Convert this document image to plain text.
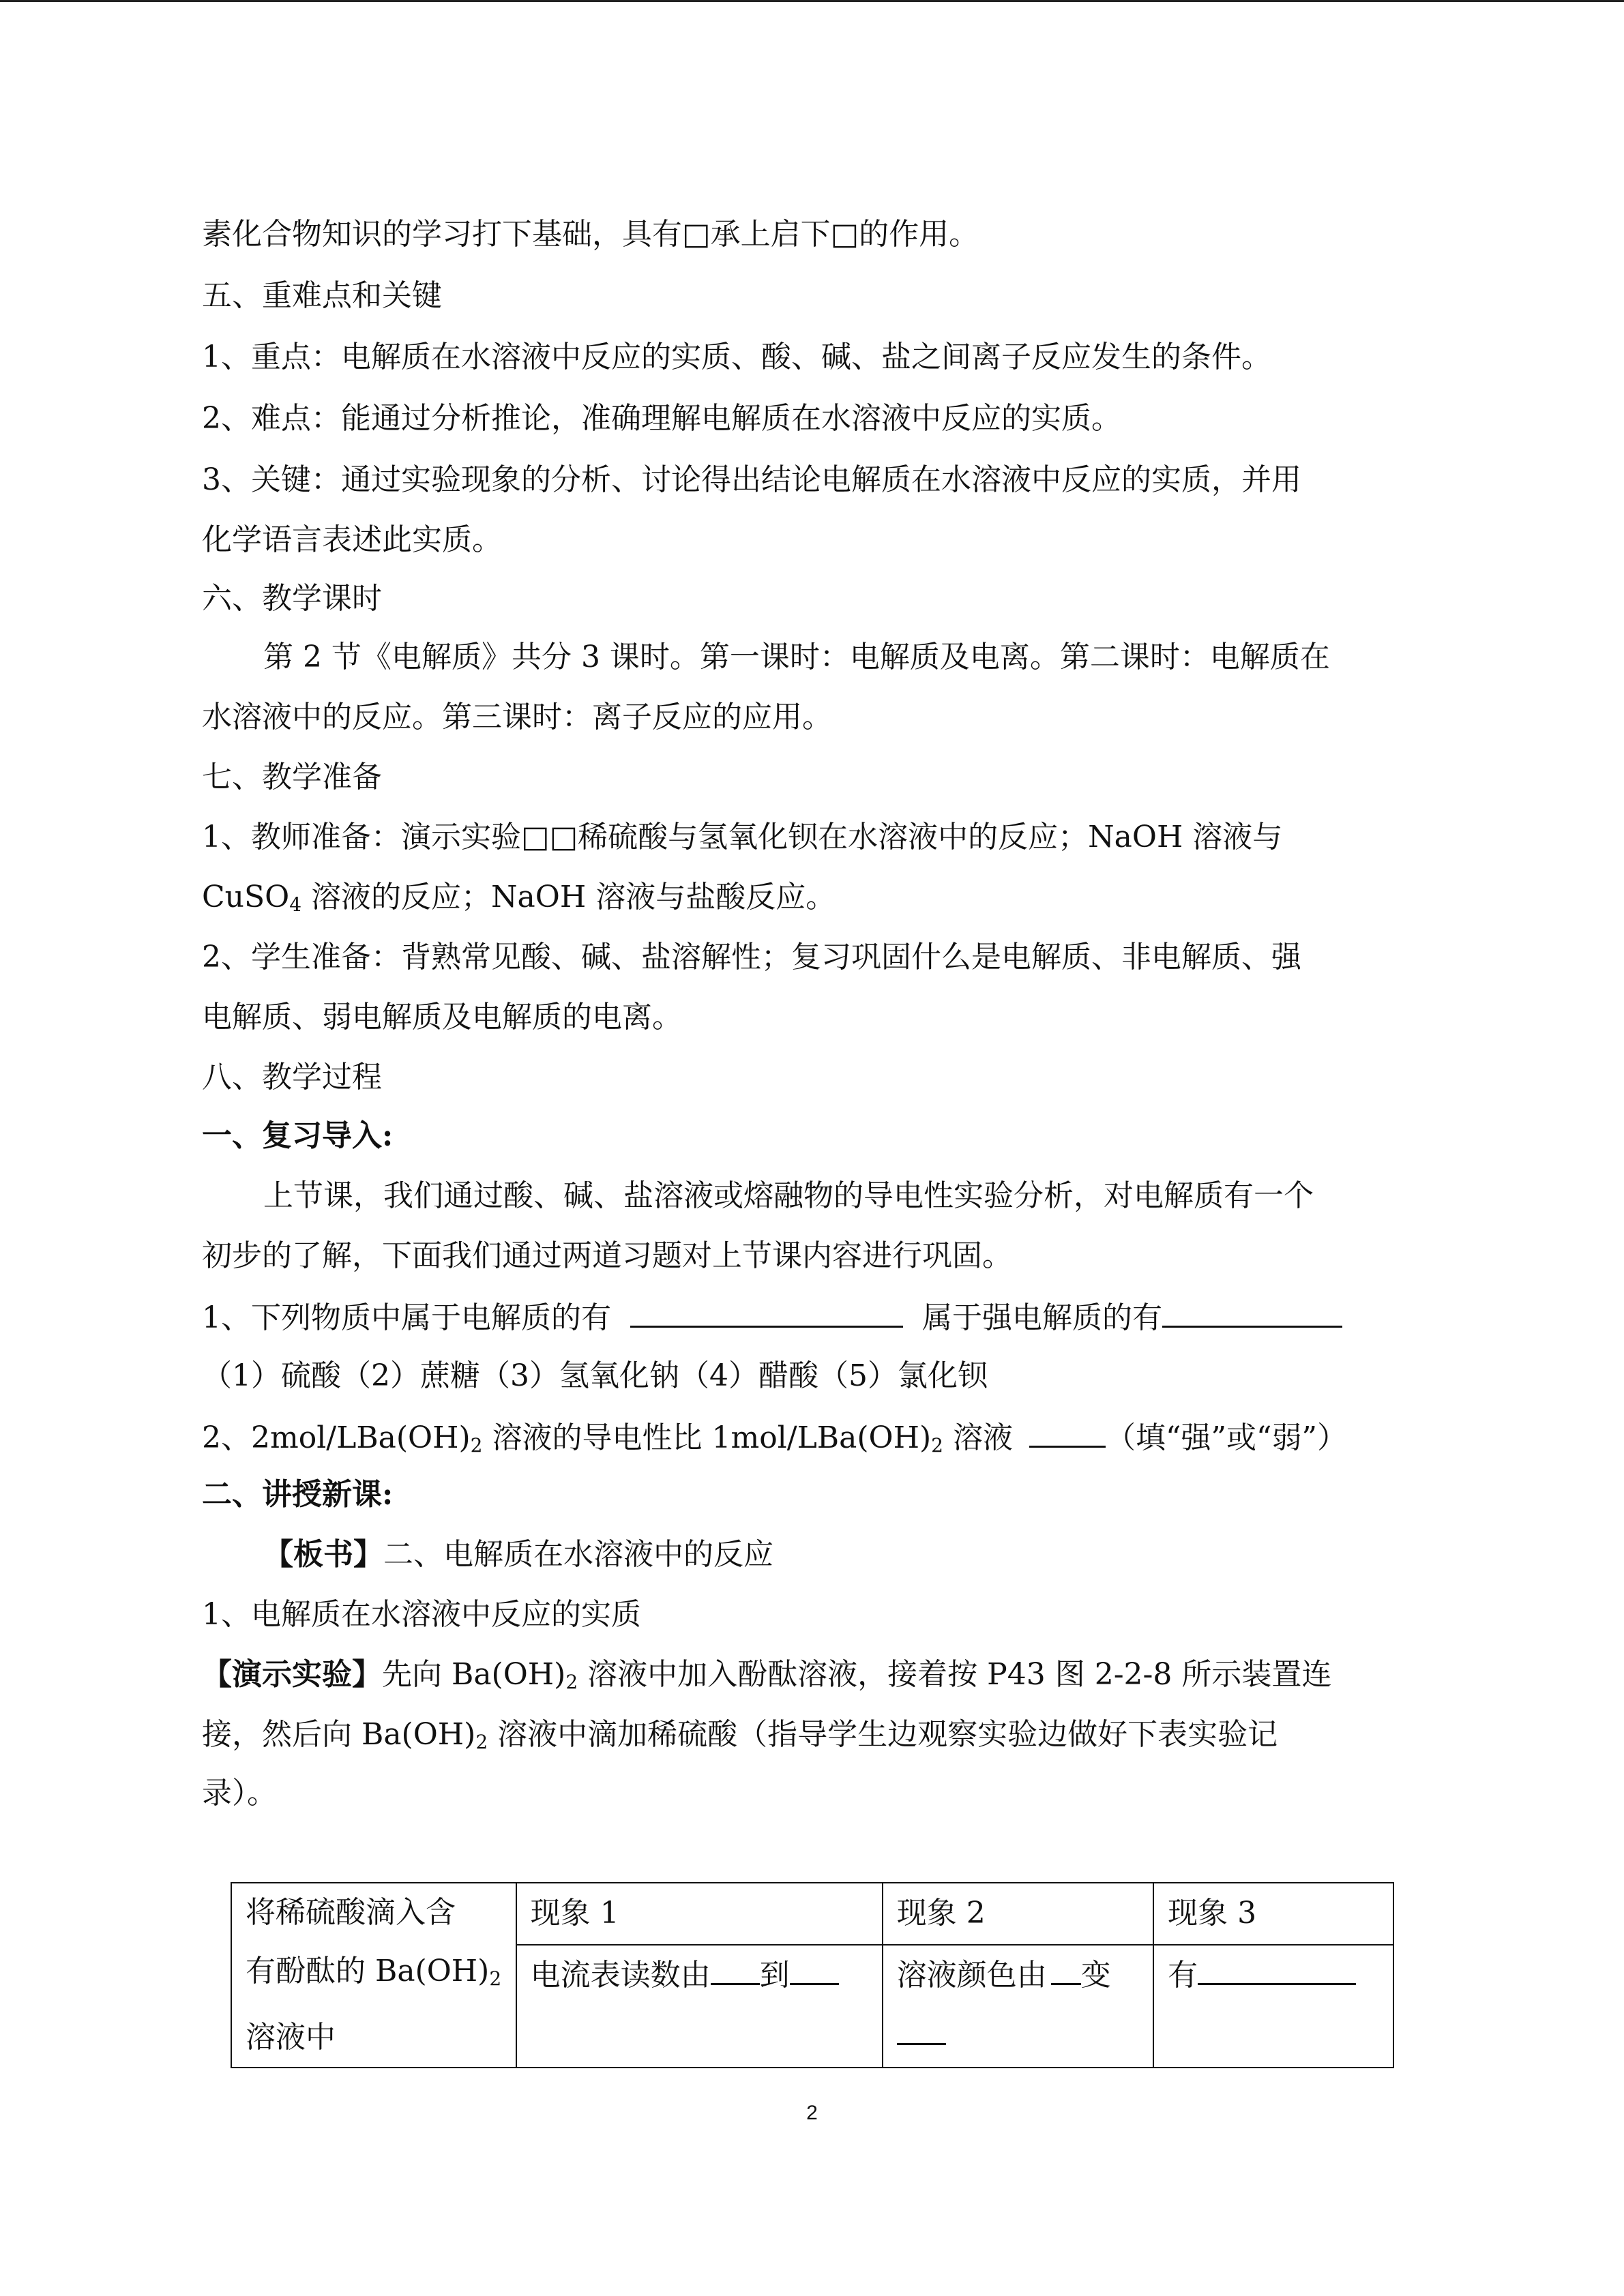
素化合物知识的学习打下基础，具有□承上启下□的作用。
五、重难点和关键
1、重点：电解质在水溶液中反应的实质、酸、碱、盐之间离子反应发生的条件。
2、难点：能通过分析推论，准确理解电解质在水溶液中反应的实质。
3、关键：通过实验现象的分析、讨论得出结论电解质在水溶液中反应的实质，并用
化学语言表述此实质。
六、教学课时
第 2 节《电解质》共分 3 课时。第一课时：电解质及电离。第二课时：电解质在
水溶液中的反应。第三课时：离子反应的应用。
七、教学准备
1、教师准备：演示实验□□稀硫酸与氢氧化钡在水溶液中的反应；NaOH 溶液与
CuSO$_4$ 溶液的反应；NaOH 溶液与盐酸反应。
2、学生准备：背熟常见酸、碱、盐溶解性；复习巩固什么是电解质、非电解质、强
电解质、弱电解质及电解质的电离。
八、教学过程
一、复习导入:
上节课，我们通过酸、碱、盐溶液或熔融物的导电性实验分析，对电解质有一个
初步的了解，下面我们通过两道习题对上节课内容进行巩固。
1、下列物质中属于电解质的有	属于强电解质的有
（1）硫酸（2）蔗糖（3）氢氧化钠（4）醋酸（5）氯化钡
2、$2mol/LBa(OH)_2$ 溶液的导电性比 $1mol/LBa(OH)_2$ 溶液	（填“强”或“弱”）
二、讲授新课:
【板书】二、电解质在水溶液中的反应
1、电解质在水溶液中反应的实质
【演示实验】先向 $Ba(OH)_2$ 溶液中加入酚酞溶液，接着按 P43 图 2-2-8 所示装置连
接，然后向 $Ba(OH)_2$ 溶液中滴加稀硫酸（指导学生边观察实验边做好下表实验记
录）。
将稀硫酸滴入含
有酚酞的 $Ba(OH)_2$
溶液中	现象 1	现象 2	现象 3
	电流表读数由 到	溶液颜色由 变	有
2
